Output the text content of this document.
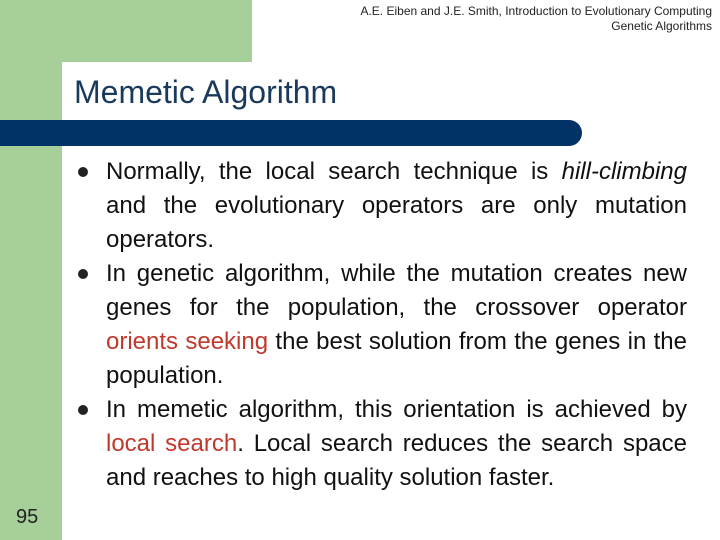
A.E. Eiben and J.E. Smith, Introduction to Evolutionary Computing
Genetic Algorithms
Memetic Algorithm
Normally, the local search technique is hill-climbing and the evolutionary operators are only mutation operators.
In genetic algorithm, while the mutation creates new genes for the population, the crossover operator orients seeking the best solution from the genes in the population.
In memetic algorithm, this orientation is achieved by local search. Local search reduces the search space and reaches to high quality solution faster.
95
